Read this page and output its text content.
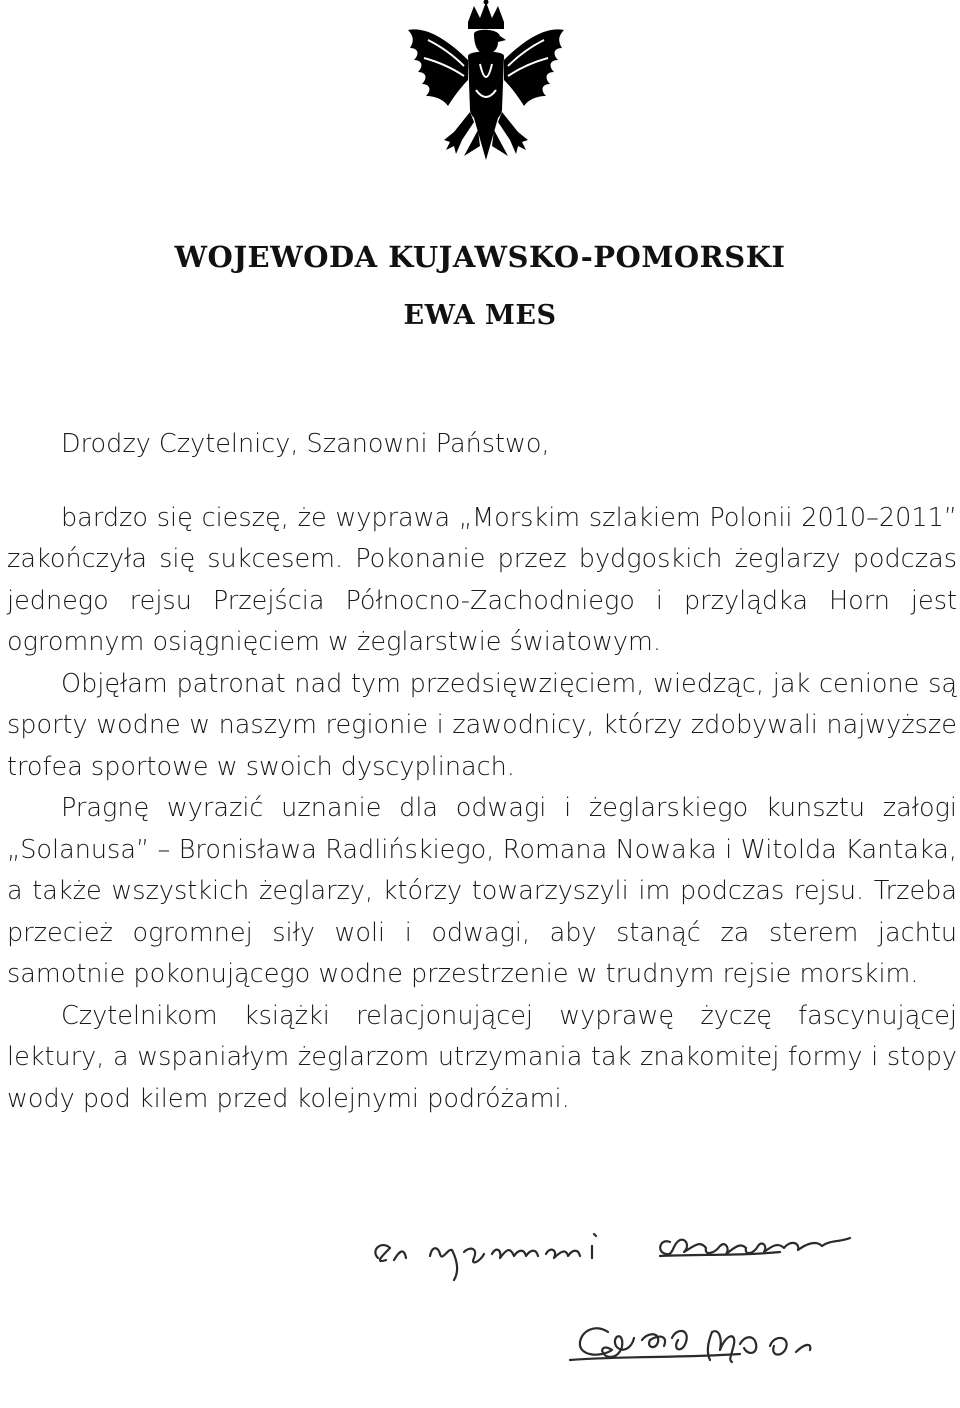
WOJEWODA KUJAWSKO-POMORSKI
EWA MES

Drodzy Czytelnicy, Szanowni Państwo,

bardzo się cieszę, że wyprawa „Morskim szlakiem Polonii 2010–2011” zakończyła się sukcesem. Pokonanie przez bydgoskich żeglarzy podczas jednego rejsu Przejścia Północno-Zachodniego i przylądka Horn jest ogromnym osiągnięciem w żeglarstwie światowym.

Objęłam patronat nad tym przedsięwzięciem, wiedząc, jak cenione są sporty wodne w naszym regionie i zawodnicy, którzy zdobywali najwyższe trofea sportowe w swoich dyscyplinach.

Pragnę wyrazić uznanie dla odwagi i żeglarskiego kunsztu załogi „Solanusa” – Bronisława Radlińskiego, Romana Nowaka i Witolda Kantaka, a także wszystkich żeglarzy, którzy towarzyszyli im podczas rejsu. Trzeba przecież ogromnej siły woli i odwagi, aby stanąć za sterem jachtu samotnie pokonującego wodne przestrzenie w trudnym rejsie morskim.

Czytelnikom książki relacjonującej wyprawę życzę fascynującej lektury, a wspaniałym żeglarzom utrzymania tak znakomitej formy i stopy wody pod kilem przed kolejnymi podróżami.
